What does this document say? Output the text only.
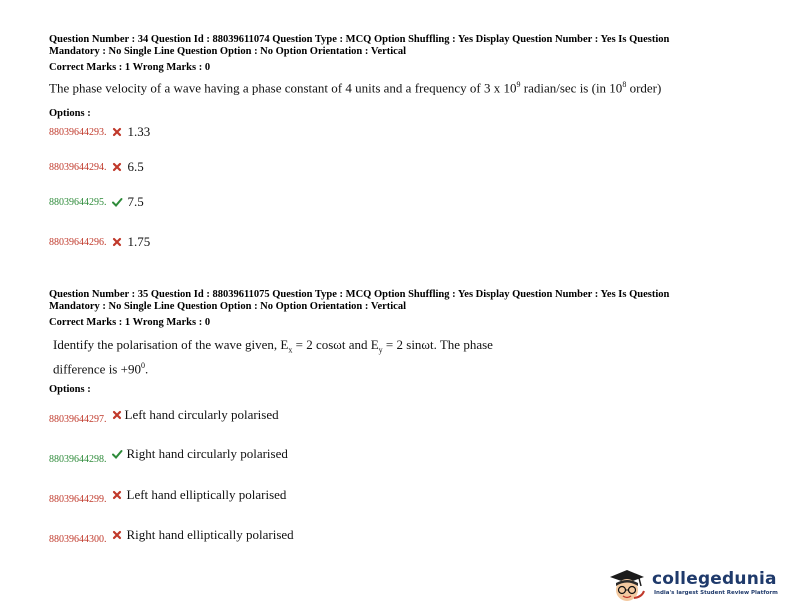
Question Number : 34 Question Id : 88039611074 Question Type : MCQ Option Shuffling : Yes Display Question Number : Yes Is Question
Mandatory : No Single Line Question Option : No Option Orientation : Vertical
Correct Marks : 1 Wrong Marks : 0
The phase velocity of a wave having a phase constant of 4 units and a frequency of 3 x $10^9$ radian/sec is (in $10^8$ order)
Options :
88039644293. 1.33
88039644294. 6.5
88039644295. 7.5
88039644296. 1.75
Question Number : 35 Question Id : 88039611075 Question Type : MCQ Option Shuffling : Yes Display Question Number : Yes Is Question
Mandatory : No Single Line Question Option : No Option Orientation : Vertical
Correct Marks : 1 Wrong Marks : 0
Identify the polarisation of the wave given, $E_x = 2$ cosωt and $E_y = 2$ sinωt. The phase
difference is $+90^0$.
Options :
88039644297. Left hand circularly polarised
88039644298. Right hand circularly polarised
88039644299. Left hand elliptically polarised
88039644300. Right hand elliptically polarised
collegedunia
India's largest Student Review Platform
